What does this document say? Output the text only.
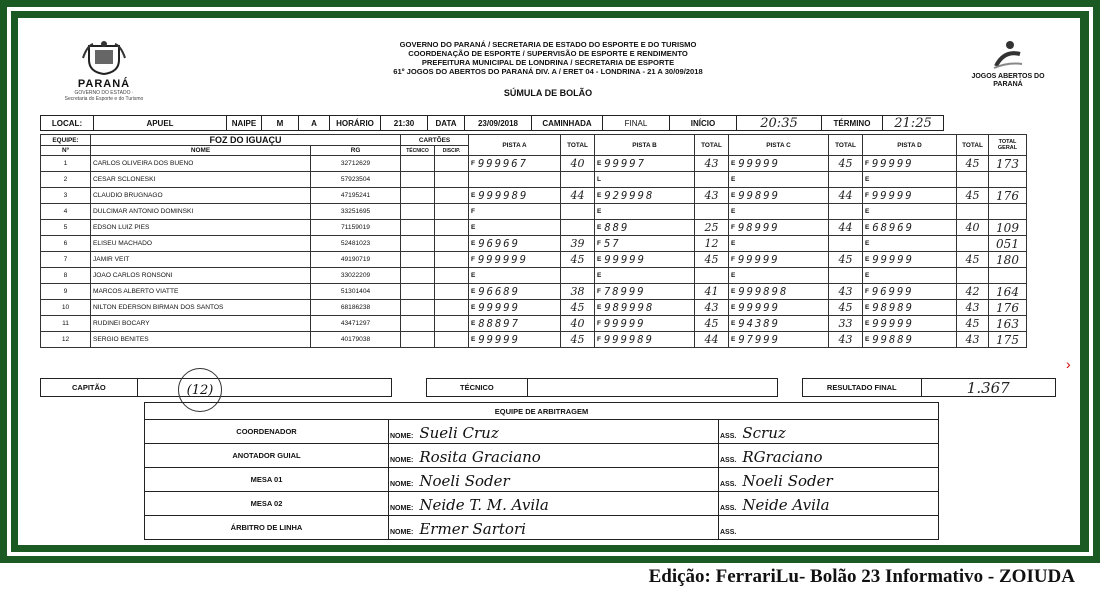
PARANÁ
GOVERNO DO ESTADO · Secretaria do Esporte e do Turismo
GOVERNO DO PARANÁ / SECRETARIA DE ESTADO DO ESPORTE E DO TURISMO
COORDENAÇÃO DE ESPORTE / SUPERVISÃO DE ESPORTE E RENDIMENTO
PREFEITURA MUNICIPAL DE LONDRINA / SECRETARIA DE ESPORTE
61º JOGOS DO ABERTOS DO PARANÁ DIV. A / ERET 04 - LONDRINA - 21 A 30/09/2018
JOGOS ABERTOS DO PARANÁ
SÚMULA DE BOLÃO
LOCAL:	APUEL	NAIPE	M	A	HORÁRIO	21:30	DATA	23/09/2018	CAMINHADA	FINAL	INÍCIO	20:35	TÉRMINO	21:25
EQUIPE:	FOZ DO IGUAÇU		CARTÕES		PISTA A	TOTAL	PISTA B	TOTAL	PISTA C	TOTAL	PISTA D	TOTAL	TOTAL GERAL
Nº	NOME	RG	TÉCNICO	DISCIP.									
1	CARLOS OLIVEIRA DOS BUENO	32712629			F 999967	40	E 99997	43	E 99999	45	F 99999	45	173
2	CESAR SCLONESKI	57923504					L		E		E		

3	CLAUDIO BRUGNAGO	47195241			E 999989	44	E 929998	43	E 99899	44	F 99999	45	176
4	DULCIMAR ANTONIO DOMINSKI	33251695			F		E		E		E		

5	EDSON LUIZ PIES	71159019			E		E 889	25	F 98999	44	E 68969	40	109
6	ELISEU MACHADO	52481023			E 96969	39	F 57	12	E		E		051
7	JAMIR VEIT	49190719			F 999999	45	E 99999	45	F 99999	45	E 99999	45	180
8	JOAO CARLOS RONSONI	33022209			E		E		E		E		

9	MARCOS ALBERTO VIATTE	51301404			E 96689	38	F 78999	41	E 999898	43	F 96999	42	164
10	NILTON EDERSON BIRMAN DOS SANTOS	68186238			E 99999	45	E 989998	43	E 99999	45	E 98989	43	176
11	RUDINEI BOCARY	43471297			E 88897	40	F 99999	45	E 94389	33	E 99999	45	163
12	SERGIO BENITES	40179038			E 99999	45	F 999989	44	E 97999	43	E 99889	43	175
CAPITÃO	(12)	TÉCNICO	RESULTADO FINAL	1.367
›
EQUIPE DE ARBITRAGEM		
COORDENADOR	NOME: Sueli Cruz	ASS. Scruz
ANOTADOR GUIAL	NOME: Rosita Graciano	ASS. RGraciano
MESA 01	NOME: Noeli Soder	ASS. Noeli Soder
MESA 02	NOME: Neide T. M. Avila	ASS. Neide Avila
ÁRBITRO DE LINHA	NOME: Ermer Sartori	ASS.
Edição: FerrariLu- Bolão 23 Informativo - ZOIUDA
